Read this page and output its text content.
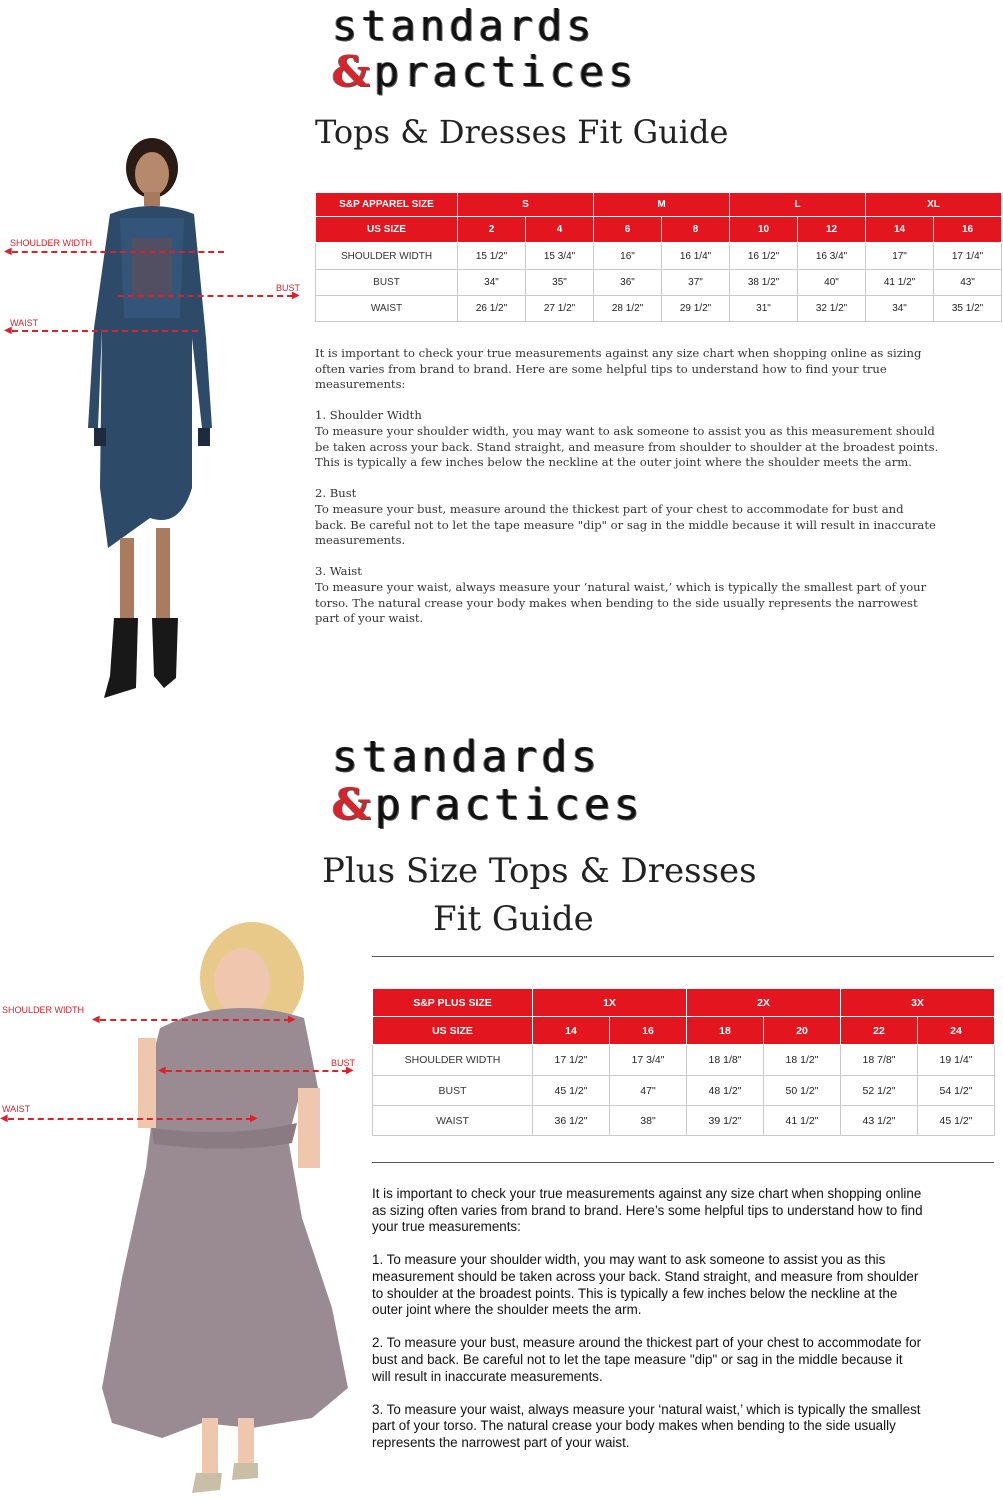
standards
&practices
Tops & Dresses Fit Guide
SHOULDER WIDTH
◀
BUST
▶
WAIST
◀
S&P APPAREL SIZE	S		M		L		XL	
US SIZE	2	4	6	8	10	12	14	16
SHOULDER WIDTH	15 1/2"	15 3/4"	16"	16 1/4"	16 1/2"	16 3/4"	17"	17 1/4"
BUST	34"	35"	36"	37"	38 1/2"	40"	41 1/2"	43"
WAIST	26 1/2"	27 1/2"	28 1/2"	29 1/2"	31"	32 1/2"	34"	35 1/2"
It is important to check your true measurements against any size chart when shopping online as sizing
often varies from brand to brand. Here are some helpful tips to understand how to find your true
measurements:
1. Shoulder Width
To measure your shoulder width, you may want to ask someone to assist you as this measurement should
be taken across your back. Stand straight, and measure from shoulder to shoulder at the broadest points.
This is typically a few inches below the neckline at the outer joint where the shoulder meets the arm.
2. Bust
To measure your bust, measure around the thickest part of your chest to accommodate for bust and
back. Be careful not to let the tape measure "dip" or sag in the middle because it will result in inaccurate
measurements.
3. Waist
To measure your waist, always measure your ‘natural waist,’ which is typically the smallest part of your
torso. The natural crease your body makes when bending to the side usually represents the narrowest
part of your waist.
standards
&practices
Plus Size Tops & Dresses
Fit Guide
SHOULDER WIDTH
◀	▶
BUST
◀	▶
WAIST
◀	▶
S&P PLUS SIZE	1X		2X		3X	
US SIZE	14	16	18	20	22	24
SHOULDER WIDTH	17 1/2"	17 3/4"	18 1/8"	18 1/2"	18 7/8"	19 1/4"
BUST	45 1/2"	47"	48 1/2"	50 1/2"	52 1/2"	54 1/2"
WAIST	36 1/2"	38"	39 1/2"	41 1/2"	43 1/2"	45 1/2"
It is important to check your true measurements against any size chart when shopping online
as sizing often varies from brand to brand. Here’s some helpful tips to understand how to find
your true measurements:
1. To measure your shoulder width, you may want to ask someone to assist you as this
measurement should be taken across your back. Stand straight, and measure from shoulder
to shoulder at the broadest points. This is typically a few inches below the neckline at the
outer joint where the shoulder meets the arm.
2. To measure your bust, measure around the thickest part of your chest to accommodate for
bust and back. Be careful not to let the tape measure "dip" or sag in the middle because it
will result in inaccurate measurements.
3. To measure your waist, always measure your ‘natural waist,’ which is typically the smallest
part of your torso. The natural crease your body makes when bending to the side usually
represents the narrowest part of your waist.
